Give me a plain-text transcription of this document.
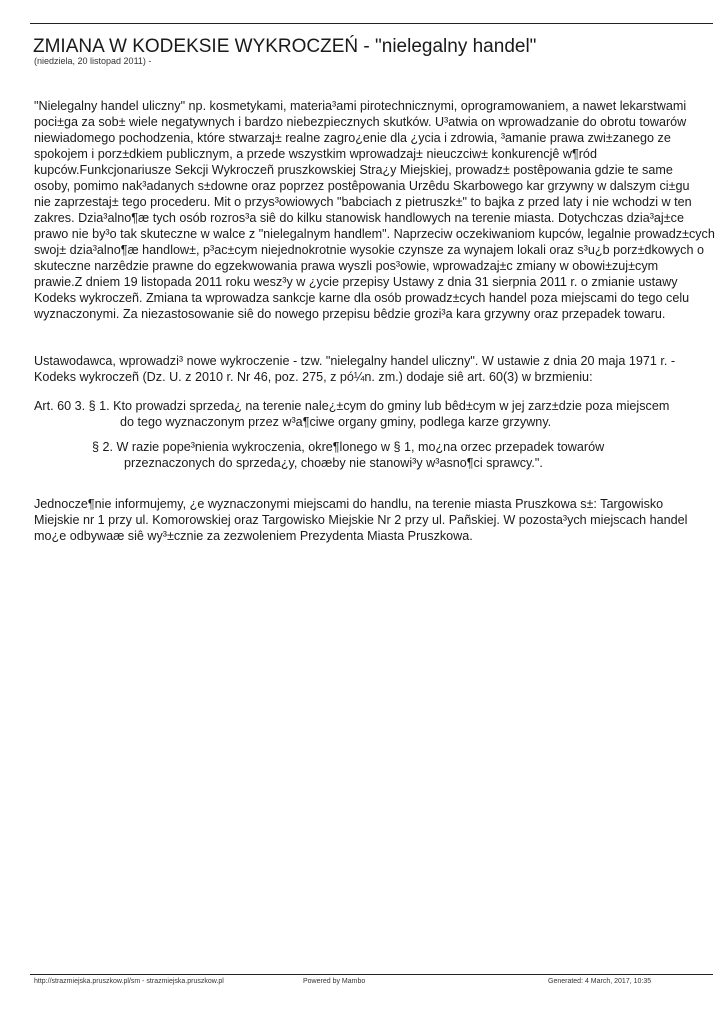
ZMIANA W KODEKSIE WYKROCZEŃ - "nielegalny handel"
(niedziela, 20 listopad 2011) -
"Nielegalny handel uliczny" np. kosmetykami, materia³ami pirotechnicznymi, oprogramowaniem, a nawet lekarstwami
poci±ga za sob± wiele negatywnych i bardzo niebezpiecznych skutków. U³atwia on wprowadzanie do obrotu towarów
niewiadomego pochodzenia, które stwarzaj± realne zagro¿enie dla ¿ycia i zdrowia, ³amanie prawa zwi±zanego ze
spokojem i porz±dkiem publicznym, a przede wszystkim wprowadzaj± nieuczciw± konkurencjê w¶ród
kupców.Funkcjonariusze Sekcji Wykroczeñ pruszkowskiej Stra¿y Miejskiej, prowadz± postêpowania gdzie te same
osoby, pomimo nak³adanych s±downe oraz poprzez postêpowania Urzêdu Skarbowego kar grzywny w dalszym ci±gu
nie zaprzestaj± tego procederu. Mit o przys³owiowych "babciach z pietruszk±" to bajka z przed laty i nie wchodzi w ten
zakres. Dzia³alno¶æ tych osób rozros³a siê do kilku stanowisk handlowych na terenie miasta. Dotychczas dzia³aj±ce
prawo nie by³o tak skuteczne w walce z "nielegalnym handlem". Naprzeciw oczekiwaniom kupców, legalnie prowadz±cych
swoj± dzia³alno¶æ handlow±, p³ac±cym niejednokrotnie wysokie czynsze za wynajem lokali oraz s³u¿b porz±dkowych o
skuteczne narzêdzie prawne do egzekwowania prawa wyszli pos³owie, wprowadzaj±c zmiany w obowi±zuj±cym
prawie.Z dniem 19 listopada 2011 roku wesz³y w ¿ycie przepisy Ustawy z dnia 31 sierpnia 2011 r. o zmianie ustawy
Kodeks wykroczeñ. Zmiana ta wprowadza sankcje karne dla osób prowadz±cych handel poza miejscami do tego celu
wyznaczonymi. Za niezastosowanie siê do nowego przepisu bêdzie grozi³a kara grzywny oraz przepadek towaru.
Ustawodawca, wprowadzi³ nowe wykroczenie - tzw. "nielegalny handel uliczny". W ustawie z dnia 20 maja 1971 r. -
Kodeks wykroczeñ (Dz. U. z 2010 r. Nr 46, poz. 275, z pó¼n. zm.) dodaje siê art. 60(3) w brzmieniu:
Art. 60 3. § 1. Kto prowadzi sprzeda¿ na terenie nale¿±cym do gminy lub bêd±cym w jej zarz±dzie poza miejscem
do tego wyznaczonym przez w³a¶ciwe organy gminy, podlega karze grzywny.
§ 2. W razie pope³nienia wykroczenia, okre¶lonego w § 1, mo¿na orzec przepadek towarów
przeznaczonych do sprzeda¿y, choæby nie stanowi³y w³asno¶ci sprawcy.".
Jednocze¶nie informujemy, ¿e wyznaczonymi miejscami do handlu, na terenie miasta Pruszkowa s±: Targowisko
Miejskie nr 1 przy ul. Komorowskiej oraz Targowisko Miejskie Nr 2 przy ul. Pañskiej. W pozosta³ych miejscach handel
mo¿e odbywaæ siê wy³±cznie za zezwoleniem Prezydenta Miasta Pruszkowa.
http://strazmiejska.pruszkow.pl/sm - strazmiejska.pruszkow.pl	Powered by Mambo	Generated: 4 March, 2017, 10:35
